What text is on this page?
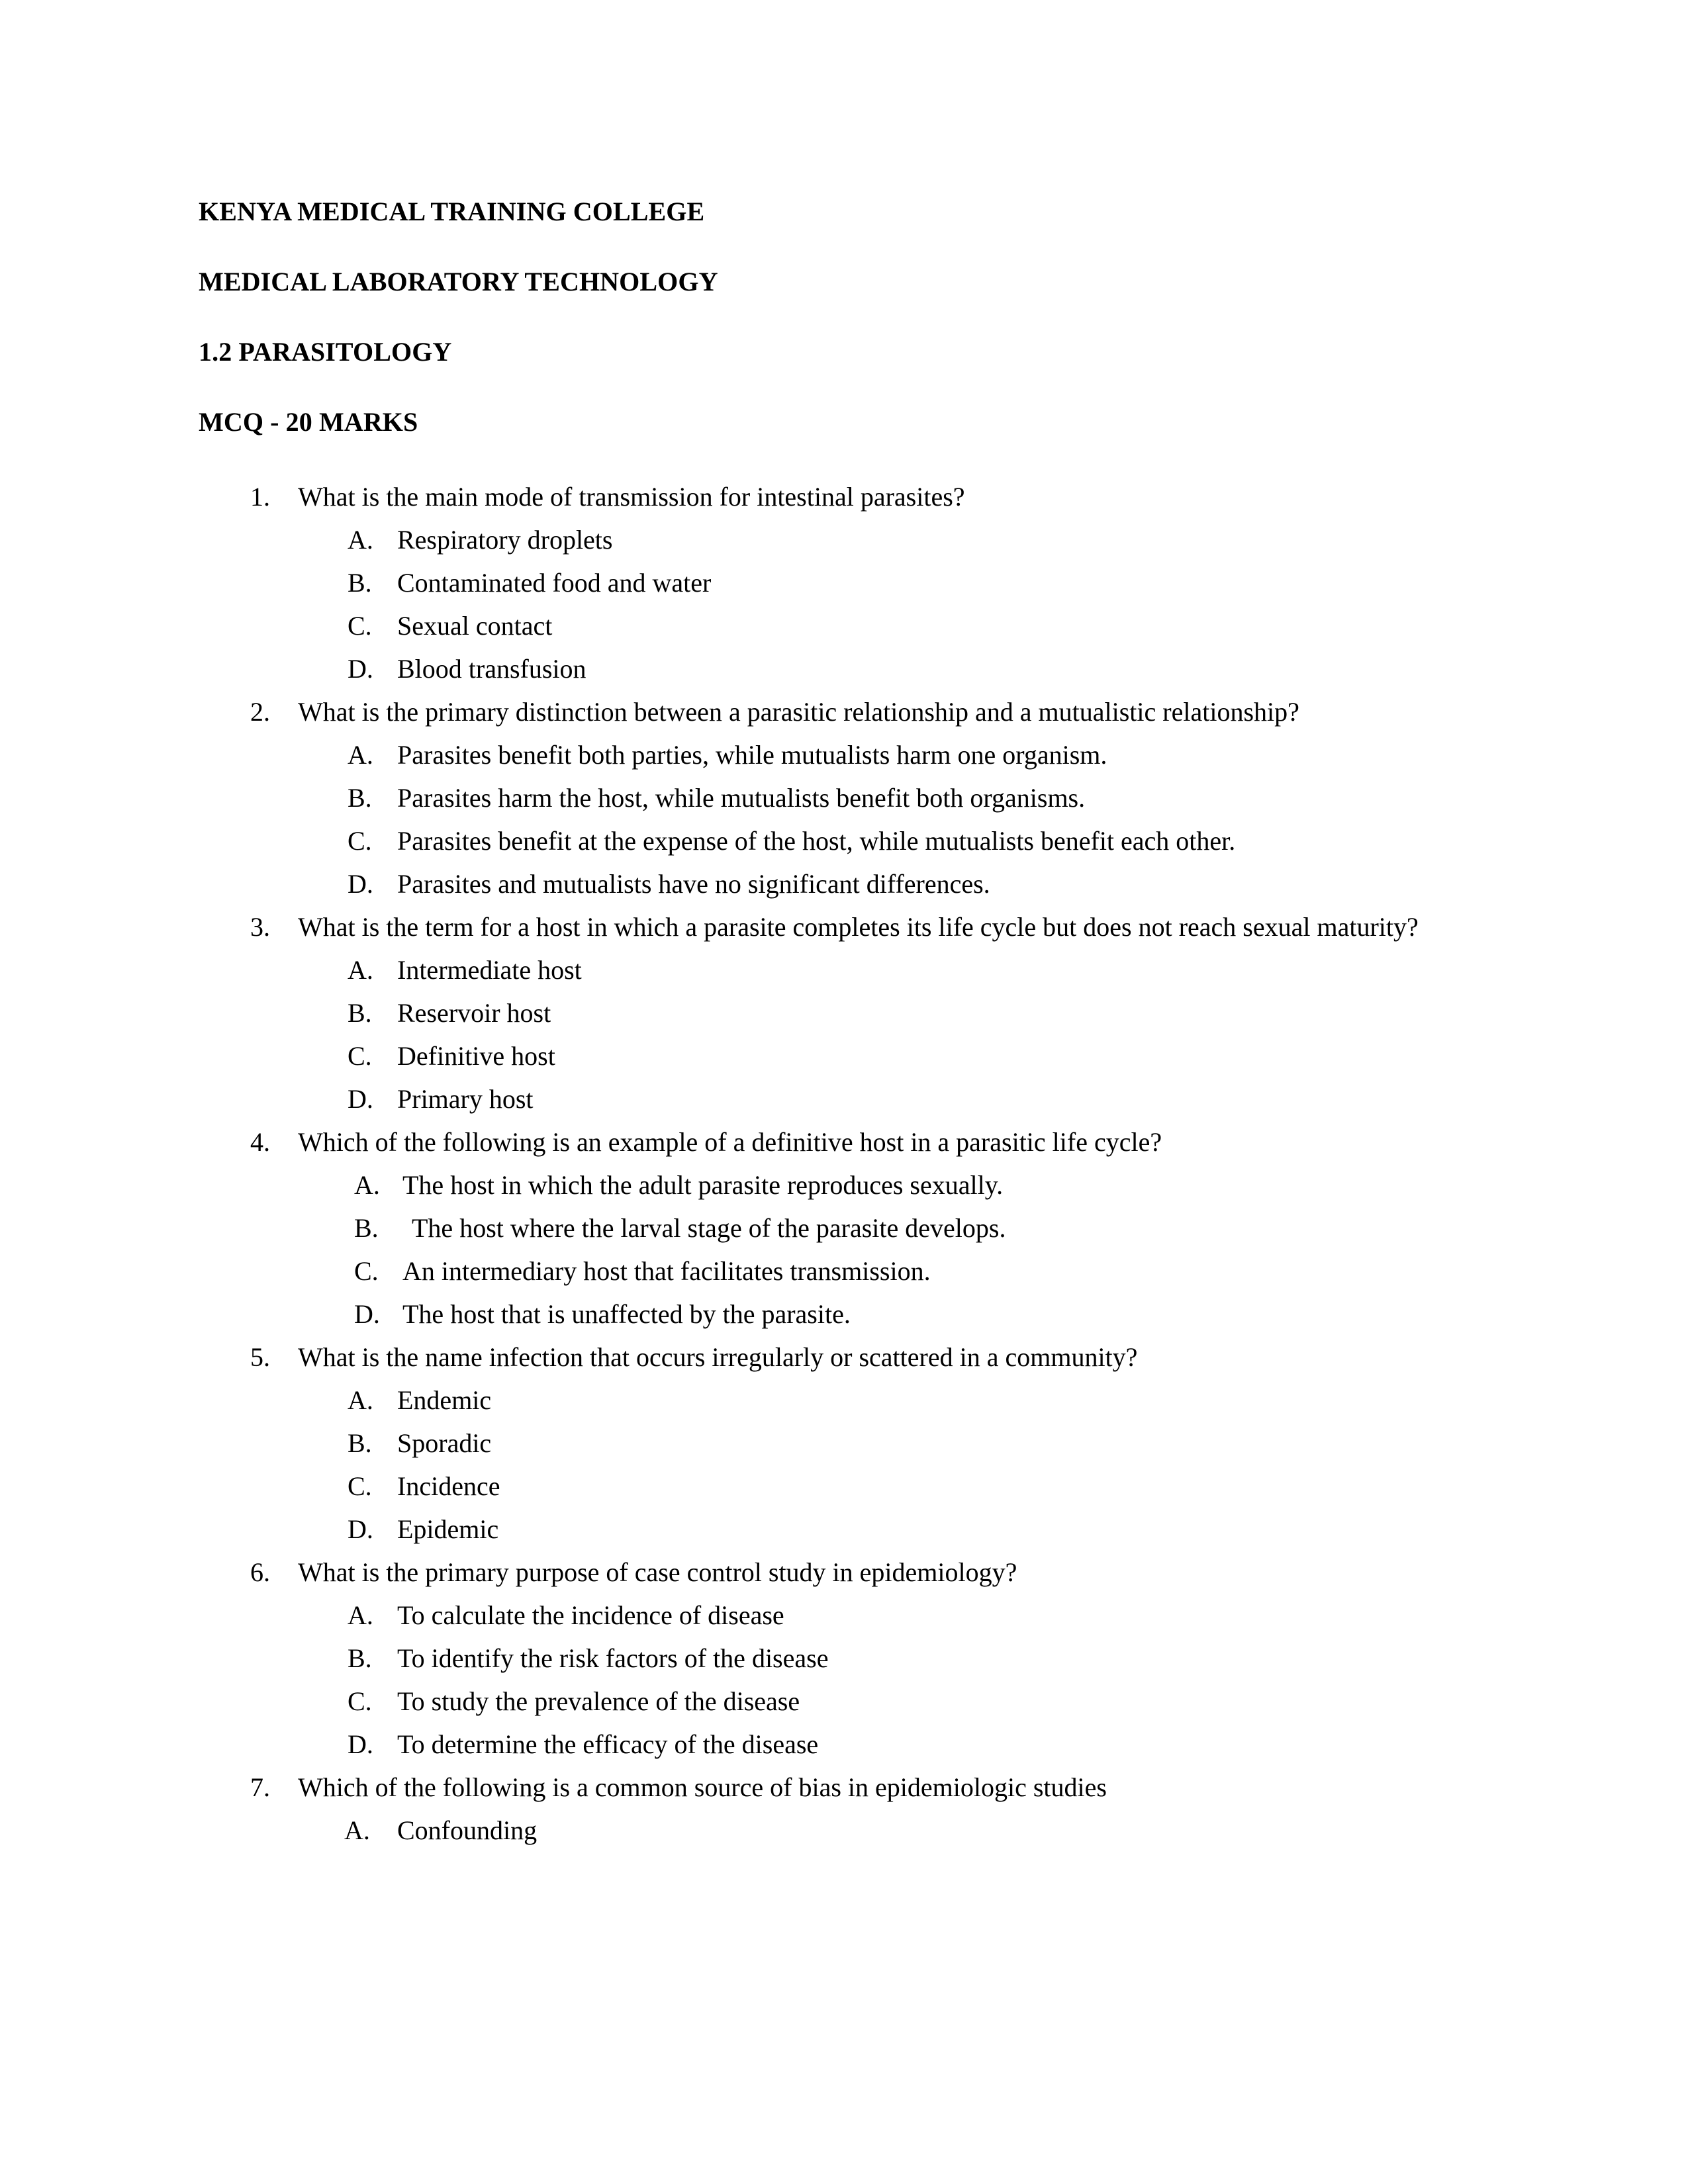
KENYA MEDICAL TRAINING COLLEGE
MEDICAL LABORATORY TECHNOLOGY
1.2 PARASITOLOGY
MCQ - 20 MARKS
1. What is the main mode of transmission for intestinal parasites?
A. Respiratory droplets
B. Contaminated food and water
C. Sexual contact
D. Blood transfusion
2. What is the primary distinction between a parasitic relationship and a mutualistic relationship?
A. Parasites benefit both parties, while mutualists harm one organism.
B. Parasites harm the host, while mutualists benefit both organisms.
C. Parasites benefit at the expense of the host, while mutualists benefit each other.
D. Parasites and mutualists have no significant differences.
3. What is the term for a host in which a parasite completes its life cycle but does not reach sexual maturity?
A. Intermediate host
B. Reservoir host
C. Definitive host
D. Primary host
4. Which of the following is an example of a definitive host in a parasitic life cycle?
A. The host in which the adult parasite reproduces sexually.
B. The host where the larval stage of the parasite develops.
C. An intermediary host that facilitates transmission.
D. The host that is unaffected by the parasite.
5. What is the name infection that occurs irregularly or scattered in a community?
A. Endemic
B. Sporadic
C. Incidence
D. Epidemic
6. What is the primary purpose of case control study in epidemiology?
A. To calculate the incidence of disease
B. To identify the risk factors of the disease
C. To study the prevalence of the disease
D. To determine the efficacy of the disease
7. Which of the following is a common source of bias in epidemiologic studies
A. Confounding
